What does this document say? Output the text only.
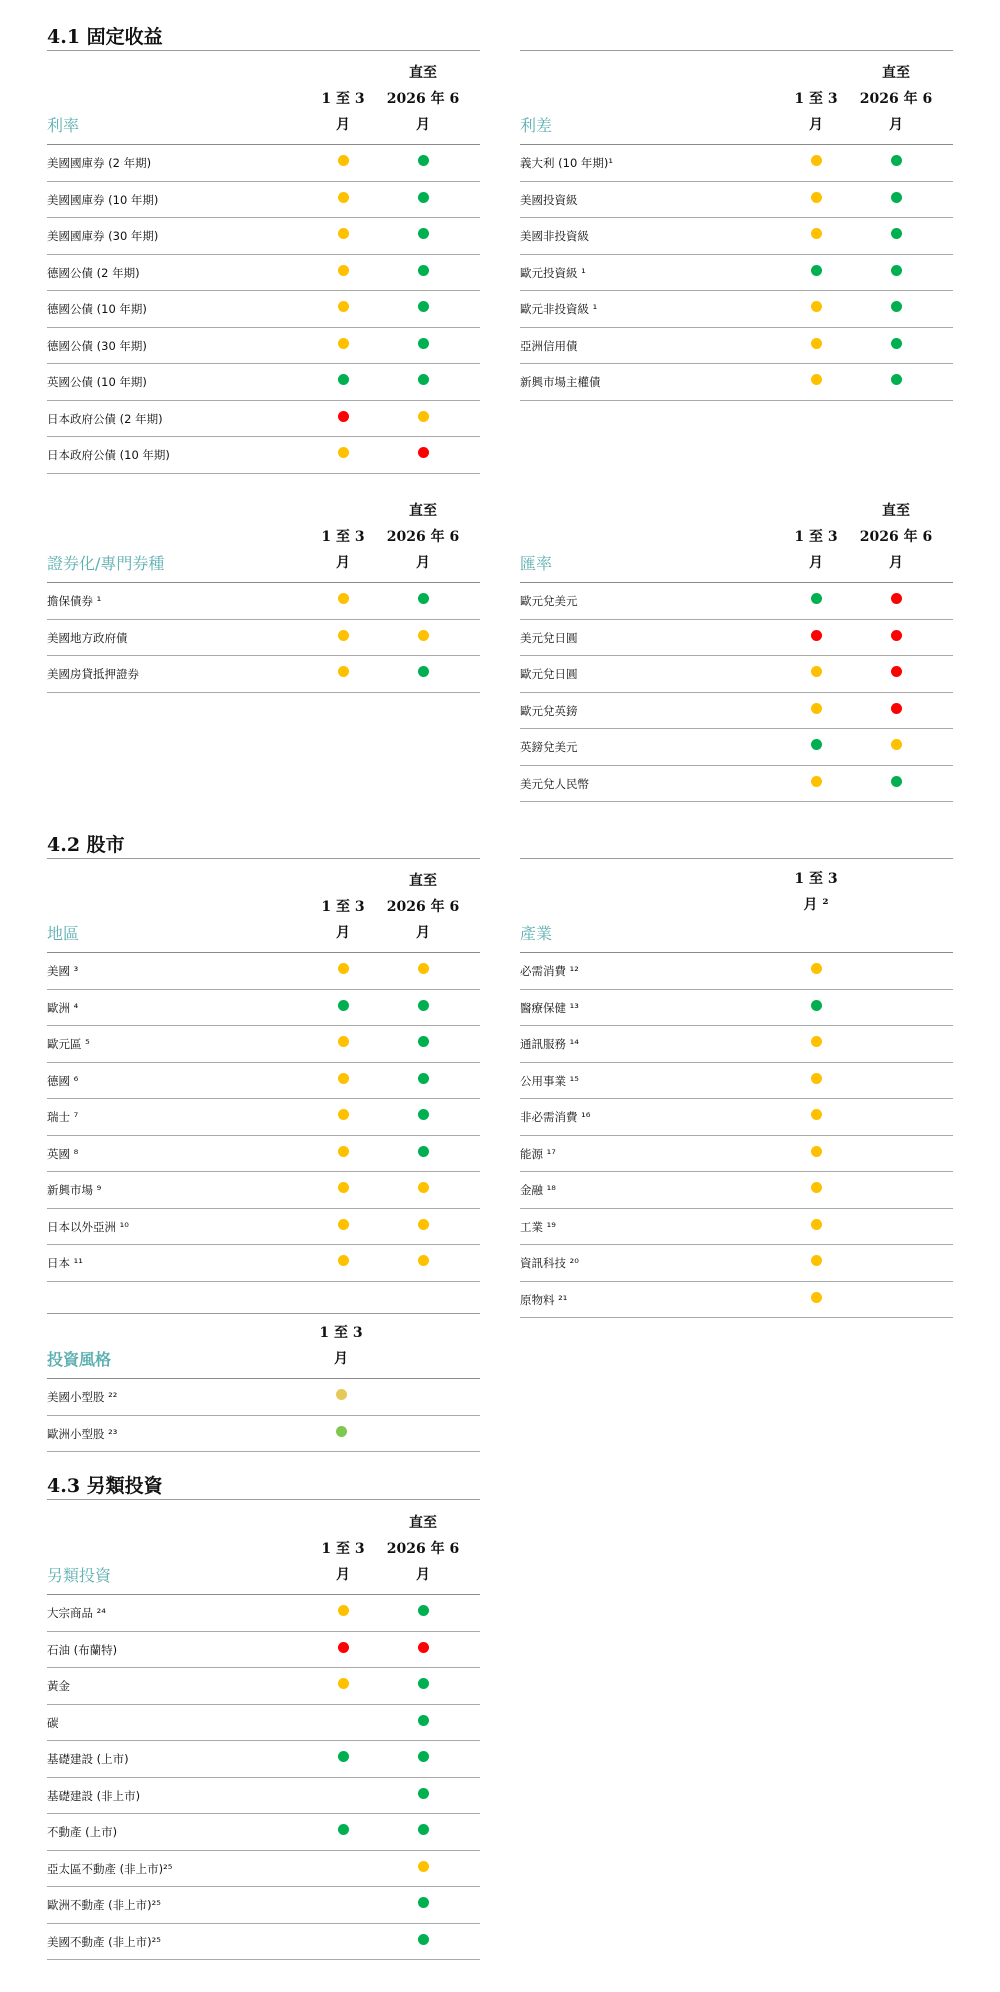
4.1 固定收益
4.2 股市
4.3 另類投資
利率
1 至 3
月
直至
2026 年 6
月
美國國庫券 (2 年期)
美國國庫券 (10 年期)
美國國庫券 (30 年期)
德國公債 (2 年期)
德國公債 (10 年期)
德國公債 (30 年期)
英國公債 (10 年期)
日本政府公債 (2 年期)
日本政府公債 (10 年期)
利差
1 至 3
月
直至
2026 年 6
月
義大利 (10 年期)¹
美國投資級
美國非投資級
歐元投資級 ¹
歐元非投資級 ¹
亞洲信用債
新興市場主權債
證券化/專門券種
1 至 3
月
直至
2026 年 6
月
擔保債券 ¹
美國地方政府債
美國房貸抵押證券
匯率
1 至 3
月
直至
2026 年 6
月
歐元兌美元
美元兌日圓
歐元兌日圓
歐元兌英鎊
英鎊兌美元
美元兌人民幣
地區
1 至 3
月
直至
2026 年 6
月
美國 ³
歐洲 ⁴
歐元區 ⁵
德國 ⁶
瑞士 ⁷
英國 ⁸
新興市場 ⁹
日本以外亞洲 ¹⁰
日本 ¹¹
產業
1 至 3
月 ²
必需消費 ¹²
醫療保健 ¹³
通訊服務 ¹⁴
公用事業 ¹⁵
非必需消費 ¹⁶
能源 ¹⁷
金融 ¹⁸
工業 ¹⁹
資訊科技 ²⁰
原物料 ²¹
投資風格
1 至 3
月
美國小型股 ²²
歐洲小型股 ²³
另類投資
1 至 3
月
直至
2026 年 6
月
大宗商品 ²⁴
石油 (布蘭特)
黃金
碳
基礎建設 (上市)
基礎建設 (非上市)
不動產 (上市)
亞太區不動產 (非上市)²⁵
歐洲不動產 (非上市)²⁵
美國不動產 (非上市)²⁵
